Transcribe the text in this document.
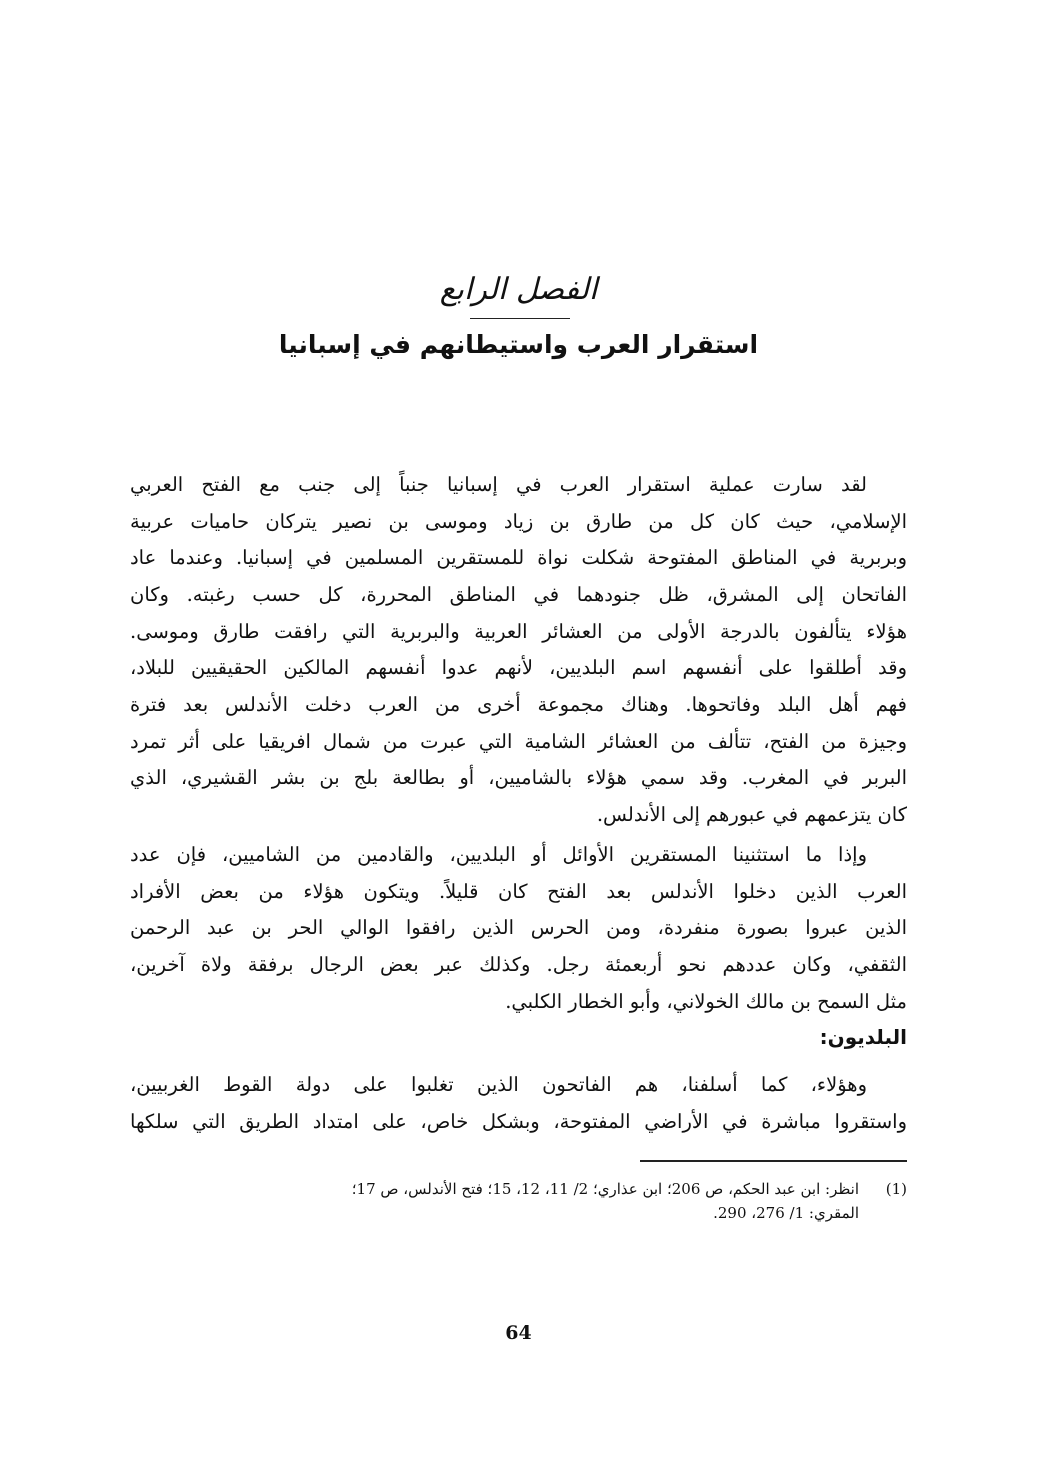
الفصل الرابع
استقرار العرب واستيطانهم في إسبانيا
لقد سارت عملية استقرار العرب في إسبانيا جنباً إلى جنب مع الفتح العربي
الإسلامي، حيث كان كل من طارق بن زياد وموسى بن نصير يتركان حاميات عربية
وبربرية في المناطق المفتوحة شكلت نواة للمستقرين المسلمين في إسبانيا. وعندما عاد
الفاتحان إلى المشرق، ظل جنودهما في المناطق المحررة، كل حسب رغبته. وكان
هؤلاء يتألفون بالدرجة الأولى من العشائر العربية والبربرية التي رافقت طارق وموسى.
وقد أطلقوا على أنفسهم اسم البلديين، لأنهم عدوا أنفسهم المالكين الحقيقيين للبلاد،
فهم أهل البلد وفاتحوها. وهناك مجموعة أخرى من العرب دخلت الأندلس بعد فترة
وجيزة من الفتح، تتألف من العشائر الشامية التي عبرت من شمال افريقيا على أثر تمرد
البربر في المغرب. وقد سمي هؤلاء بالشاميين، أو بطالعة بلج بن بشر القشيري، الذي
كان يتزعمهم في عبورهم إلى الأندلس.
وإذا ما استثنينا المستقرين الأوائل أو البلديين، والقادمين من الشاميين، فإن عدد
العرب الذين دخلوا الأندلس بعد الفتح كان قليلاً. ويتكون هؤلاء من بعض الأفراد
الذين عبروا بصورة منفردة، ومن الحرس الذين رافقوا الوالي الحر بن عبد الرحمن
الثقفي، وكان عددهم نحو أربعمئة رجل. وكذلك عبر بعض الرجال برفقة ولاة آخرين،
مثل السمح بن مالك الخولاني، وأبو الخطار الكلبي.
البلديون:
وهؤلاء، كما أسلفنا، هم الفاتحون الذين تغلبوا على دولة القوط الغربيين،
واستقروا مباشرة في الأراضي المفتوحة، وبشكل خاص، على امتداد الطريق التي سلكها
(1)
انظر: ابن عبد الحكم، ص 206؛ ابن عذاري؛ 2/ 11، 12، 15؛ فتح الأندلس، ص 17؛
المقري: 1/ 276، 290.
64
